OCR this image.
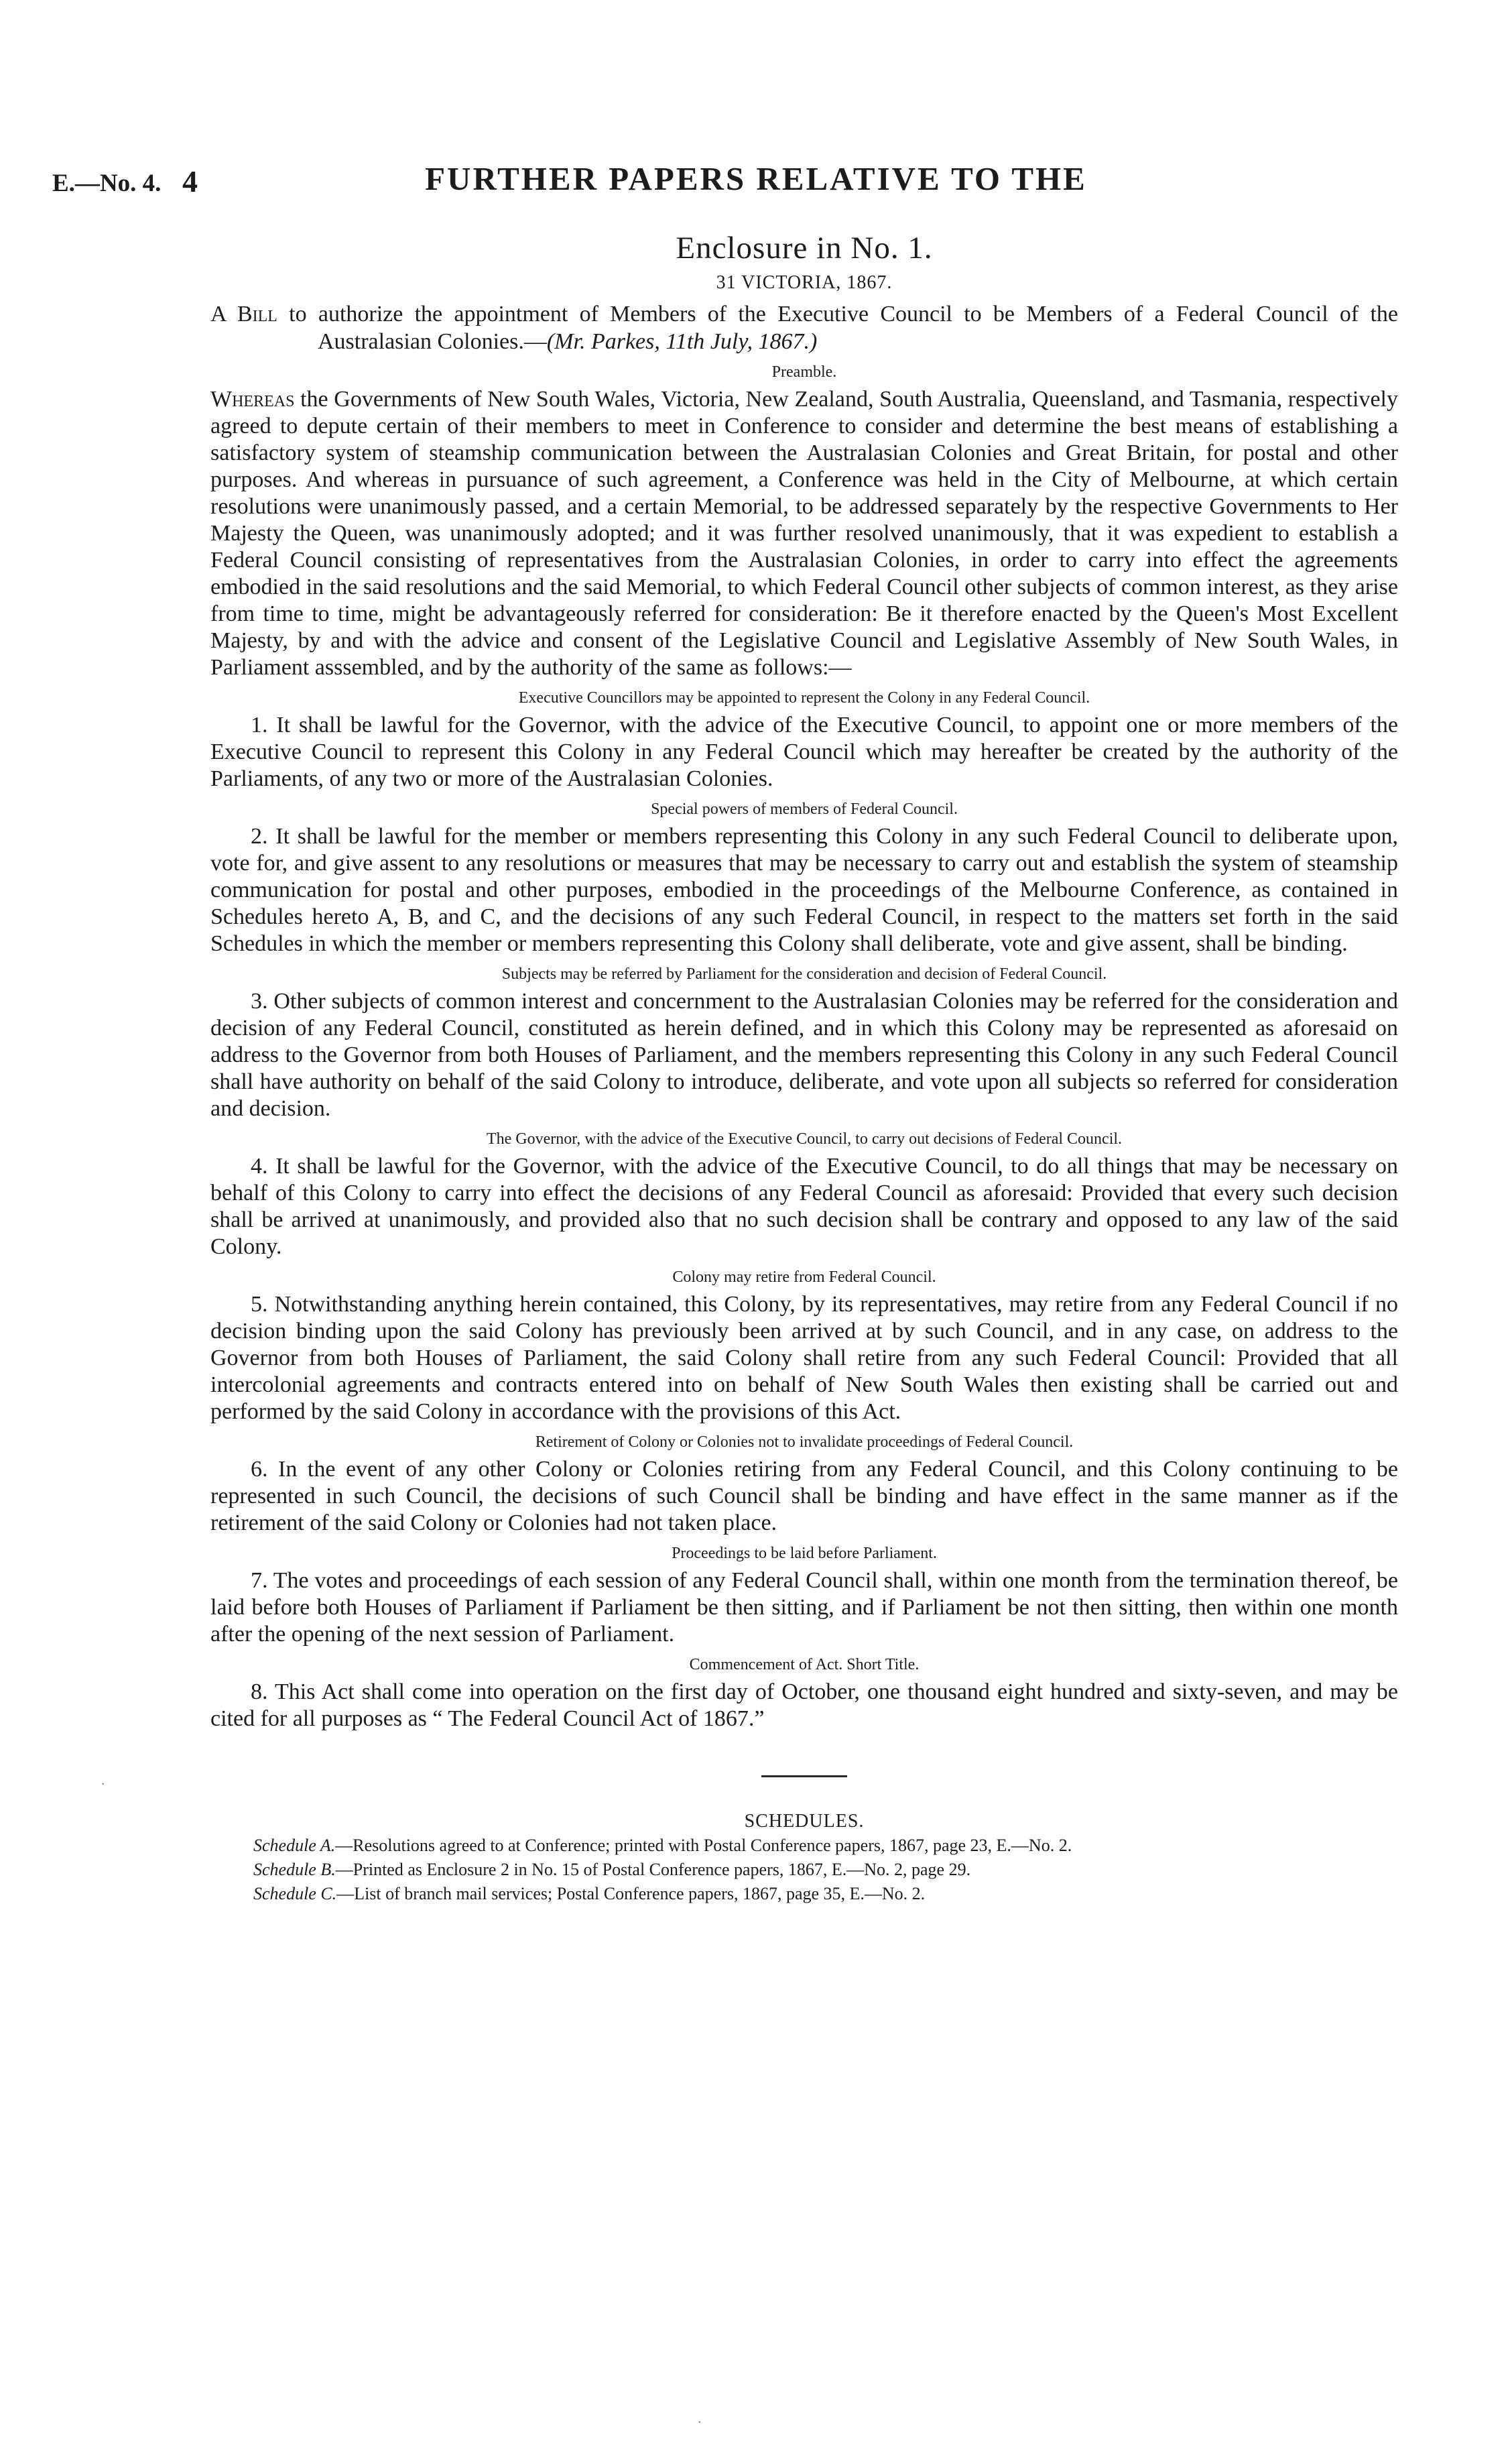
E.—No. 4. 4	FURTHER PAPERS RELATIVE TO THE

Enclosure in No. 1.

31 VICTORIA, 1867.

A Bill to authorize the appointment of Members of the Executive Council to be Members of a Federal Council of the Australasian Colonies.—(Mr. Parkes, 11th July, 1867.)

Preamble.

Whereas the Governments of New South Wales, Victoria, New Zealand, South Australia, Queensland, and Tasmania, respectively agreed to depute certain of their members to meet in Conference to consider and determine the best means of establishing a satisfactory system of steamship communication between the Australasian Colonies and Great Britain, for postal and other purposes. And whereas in pursuance of such agreement, a Conference was held in the City of Melbourne, at which certain resolutions were unanimously passed, and a certain Memorial, to be addressed separately by the respective Governments to Her Majesty the Queen, was unanimously adopted; and it was further resolved unanimously, that it was expedient to establish a Federal Council consisting of representatives from the Australasian Colonies, in order to carry into effect the agreements embodied in the said resolutions and the said Memorial, to which Federal Council other subjects of common interest, as they arise from time to time, might be advantageously referred for consideration: Be it therefore enacted by the Queen's Most Excellent Majesty, by and with the advice and consent of the Legislative Council and Legislative Assembly of New South Wales, in Parliament asssembled, and by the authority of the same as follows:—

Executive Councillors may be appointed to represent the Colony in any Federal Council.

1. It shall be lawful for the Governor, with the advice of the Executive Council, to appoint one or more members of the Executive Council to represent this Colony in any Federal Council which may hereafter be created by the authority of the Parliaments, of any two or more of the Australasian Colonies.

Special powers of members of Federal Council.

2. It shall be lawful for the member or members representing this Colony in any such Federal Council to deliberate upon, vote for, and give assent to any resolutions or measures that may be necessary to carry out and establish the system of steamship communication for postal and other purposes, embodied in the proceedings of the Melbourne Conference, as contained in Schedules hereto A, B, and C, and the decisions of any such Federal Council, in respect to the matters set forth in the said Schedules in which the member or members representing this Colony shall deliberate, vote and give assent, shall be binding.

Subjects may be referred by Parliament for the consideration and decision of Federal Council.

3. Other subjects of common interest and concernment to the Australasian Colonies may be referred for the consideration and decision of any Federal Council, constituted as herein defined, and in which this Colony may be represented as aforesaid on address to the Governor from both Houses of Parliament, and the members representing this Colony in any such Federal Council shall have authority on behalf of the said Colony to introduce, deliberate, and vote upon all subjects so referred for consideration and decision.

The Governor, with the advice of the Executive Council, to carry out decisions of Federal Council.

4. It shall be lawful for the Governor, with the advice of the Executive Council, to do all things that may be necessary on behalf of this Colony to carry into effect the decisions of any Federal Council as aforesaid: Provided that every such decision shall be arrived at unanimously, and provided also that no such decision shall be contrary and opposed to any law of the said Colony.

Colony may retire from Federal Council.

5. Notwithstanding anything herein contained, this Colony, by its representatives, may retire from any Federal Council if no decision binding upon the said Colony has previously been arrived at by such Council, and in any case, on address to the Governor from both Houses of Parliament, the said Colony shall retire from any such Federal Council: Provided that all intercolonial agreements and contracts entered into on behalf of New South Wales then existing shall be carried out and performed by the said Colony in accordance with the provisions of this Act.

Retirement of Colony or Colonies not to invalidate proceedings of Federal Council.

6. In the event of any other Colony or Colonies retiring from any Federal Council, and this Colony continuing to be represented in such Council, the decisions of such Council shall be binding and have effect in the same manner as if the retirement of the said Colony or Colonies had not taken place.

Proceedings to be laid before Parliament.

7. The votes and proceedings of each session of any Federal Council shall, within one month from the termination thereof, be laid before both Houses of Parliament if Parliament be then sitting, and if Parliament be not then sitting, then within one month after the opening of the next session of Parliament.

Commencement of Act. Short Title.

8. This Act shall come into operation on the first day of October, one thousand eight hundred and sixty-seven, and may be cited for all purposes as “ The Federal Council Act of 1867.”

SCHEDULES.

Schedule A.—Resolutions agreed to at Conference; printed with Postal Conference papers, 1867, page 23, E.—No. 2.

Schedule B.—Printed as Enclosure 2 in No. 15 of Postal Conference papers, 1867, E.—No. 2, page 29.

Schedule C.—List of branch mail services; Postal Conference papers, 1867, page 35, E.—No. 2.

·
·
